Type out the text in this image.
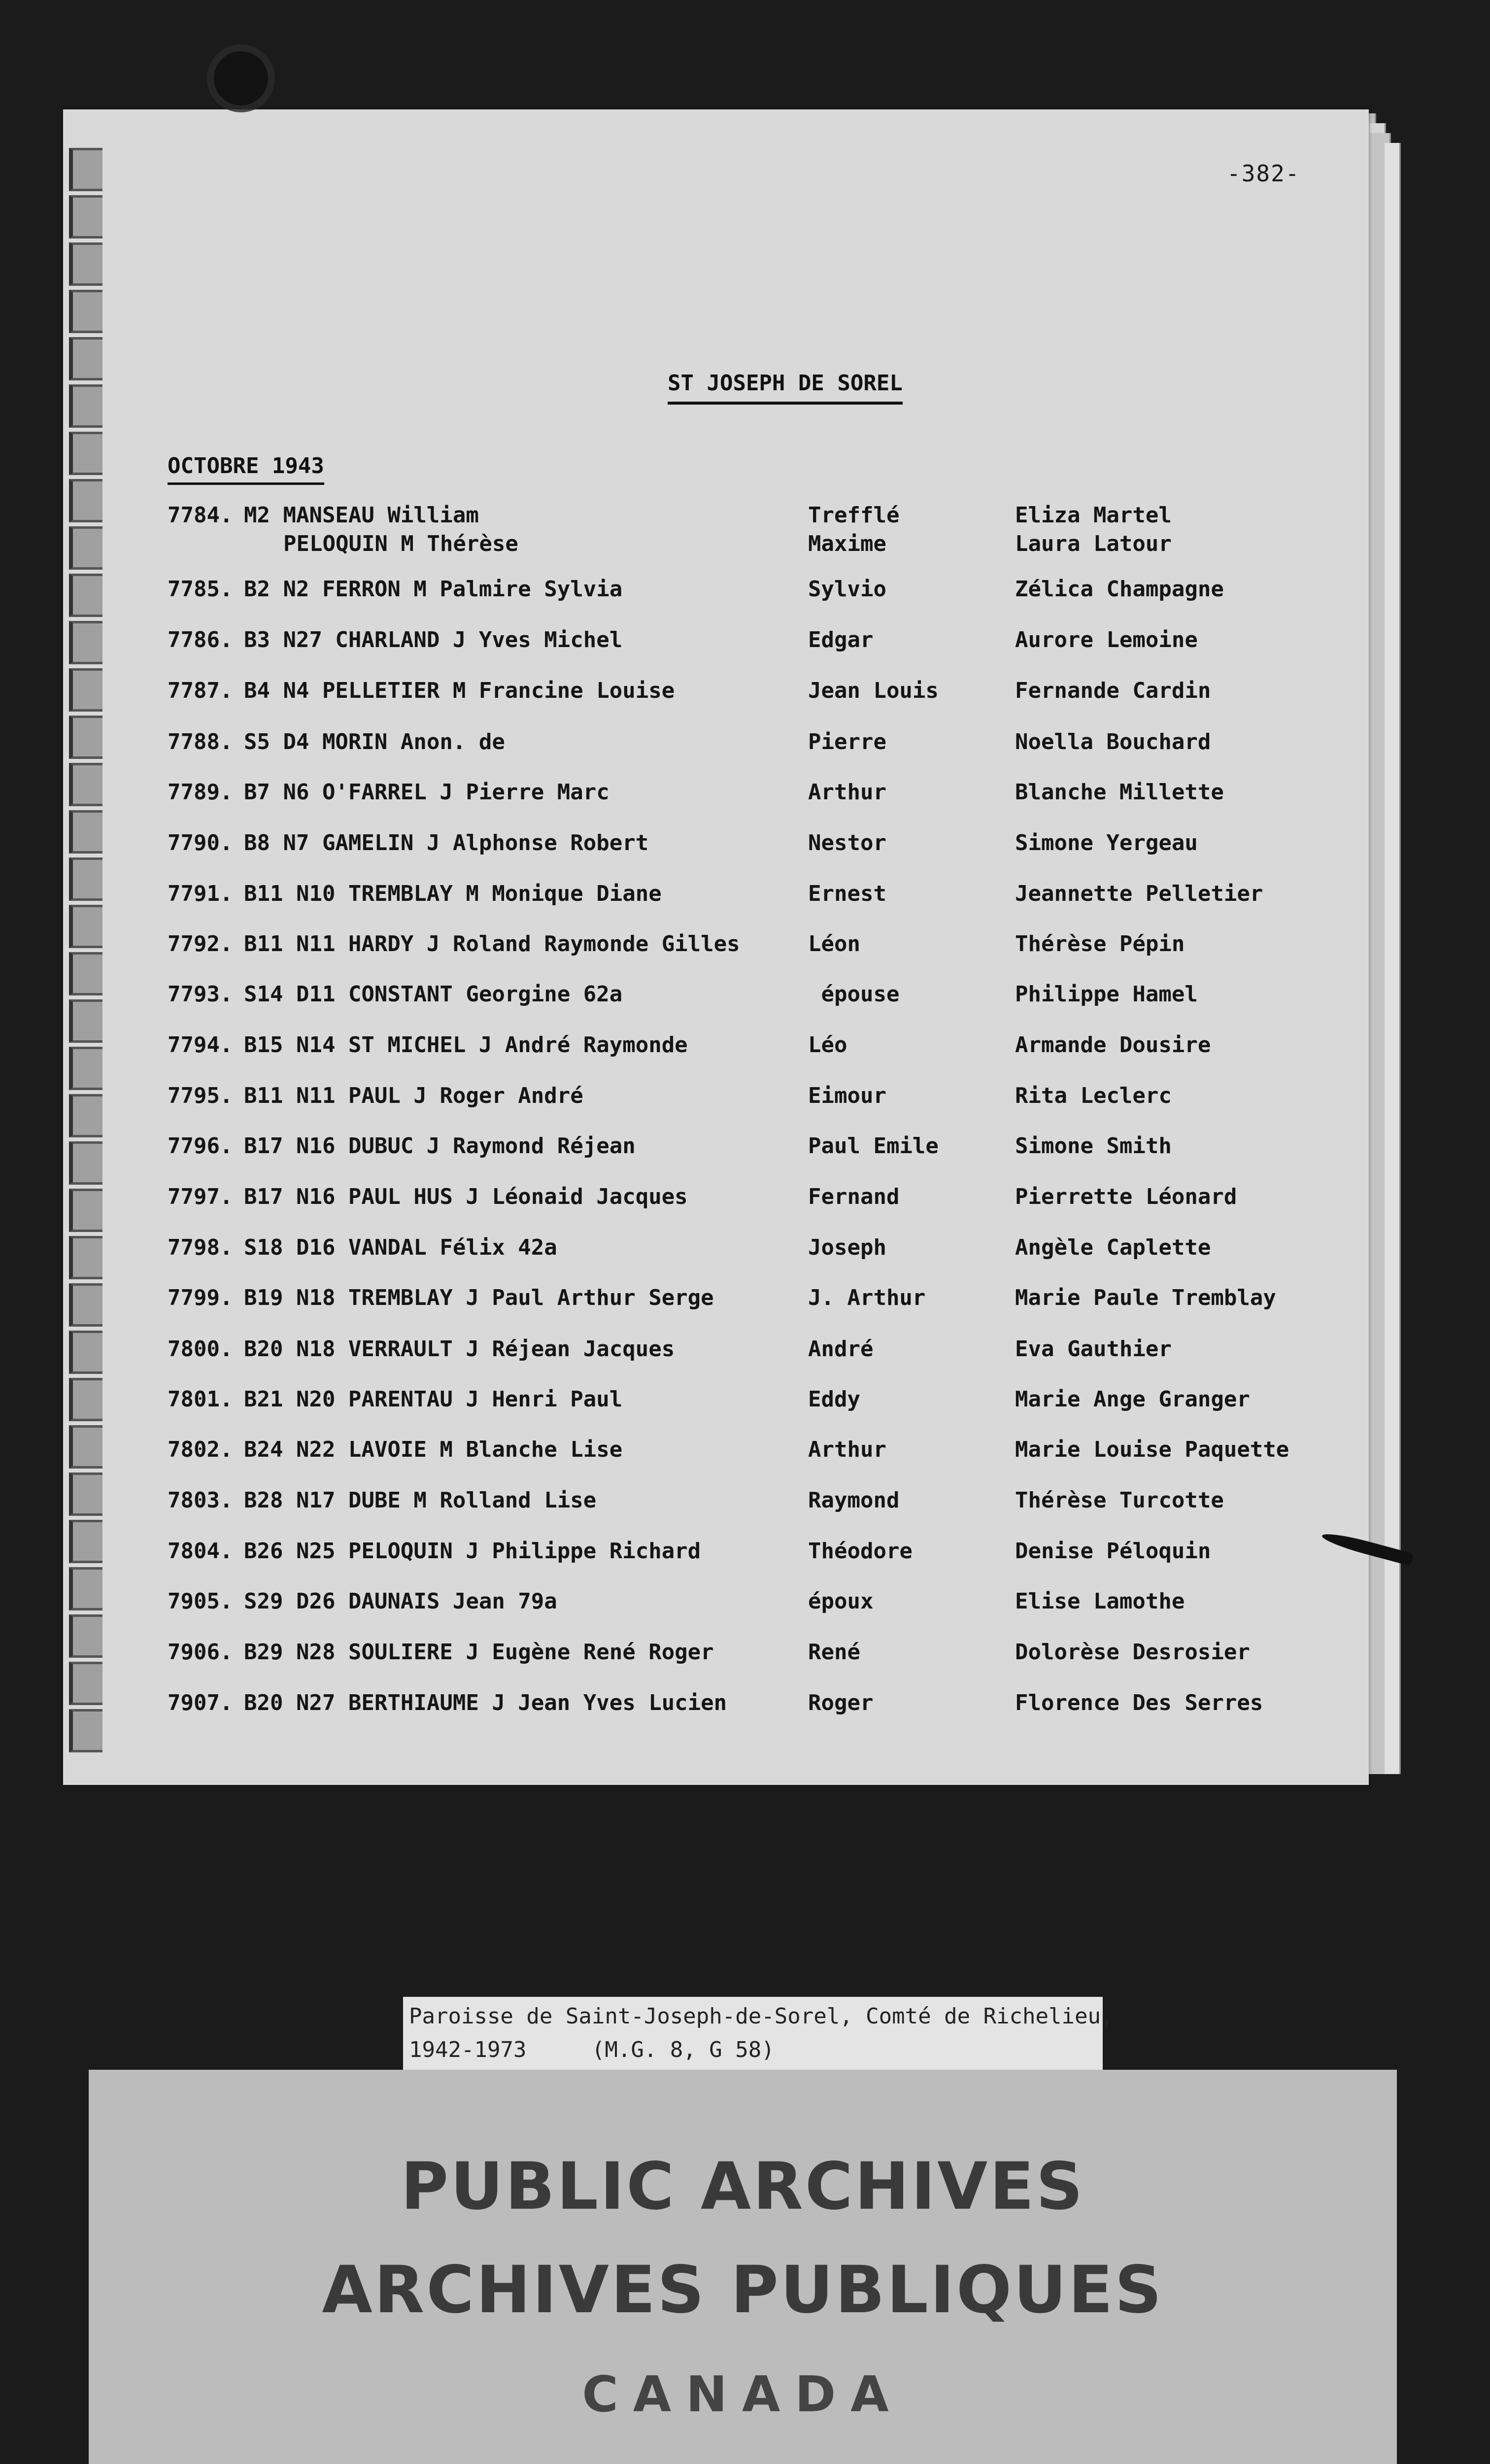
-382-
ST JOSEPH DE SOREL
OCTOBRE 1943
7784. M2 MANSEAU William	Trefflé	Eliza Martel
PELOQUIN M Thérèse	Maxime	Laura Latour
7785. B2 N2 FERRON M Palmire Sylvia	Sylvio	Zélica Champagne
7786. B3 N27 CHARLAND J Yves Michel	Edgar	Aurore Lemoine
7787. B4 N4 PELLETIER M Francine Louise	Jean Louis	Fernande Cardin
7788. S5 D4 MORIN Anon. de	Pierre	Noella Bouchard
7789. B7 N6 O'FARREL J Pierre Marc	Arthur	Blanche Millette
7790. B8 N7 GAMELIN J Alphonse Robert	Nestor	Simone Yergeau
7791. B11 N10 TREMBLAY M Monique Diane	Ernest	Jeannette Pelletier
7792. B11 N11 HARDY J Roland Raymonde Gilles	Léon	Thérèse Pépin
7793. S14 D11 CONSTANT Georgine 62a	épouse	Philippe Hamel
7794. B15 N14 ST MICHEL J André Raymonde	Léo	Armande Dousire
7795. B11 N11 PAUL J Roger André	Eimour	Rita Leclerc
7796. B17 N16 DUBUC J Raymond Réjean	Paul Emile	Simone Smith
7797. B17 N16 PAUL HUS J Léonaid Jacques	Fernand	Pierrette Léonard
7798. S18 D16 VANDAL Félix 42a	Joseph	Angèle Caplette
7799. B19 N18 TREMBLAY J Paul Arthur Serge	J. Arthur	Marie Paule Tremblay
7800. B20 N18 VERRAULT J Réjean Jacques	André	Eva Gauthier
7801. B21 N20 PARENTAU J Henri Paul	Eddy	Marie Ange Granger
7802. B24 N22 LAVOIE M Blanche Lise	Arthur	Marie Louise Paquette
7803. B28 N17 DUBE M Rolland Lise	Raymond	Thérèse Turcotte
7804. B26 N25 PELOQUIN J Philippe Richard	Théodore	Denise Péloquin
7905. S29 D26 DAUNAIS Jean 79a	époux	Elise Lamothe
7906. B29 N28 SOULIERE J Eugène René Roger	René	Dolorèse Desrosier
7907. B20 N27 BERTHIAUME J Jean Yves Lucien	Roger	Florence Des Serres
Paroisse de Saint-Joseph-de-Sorel, Comté de Richelieu,
1942-1973     (M.G. 8, G 58)
PUBLIC ARCHIVES
ARCHIVES PUBLIQUES
CANADA
